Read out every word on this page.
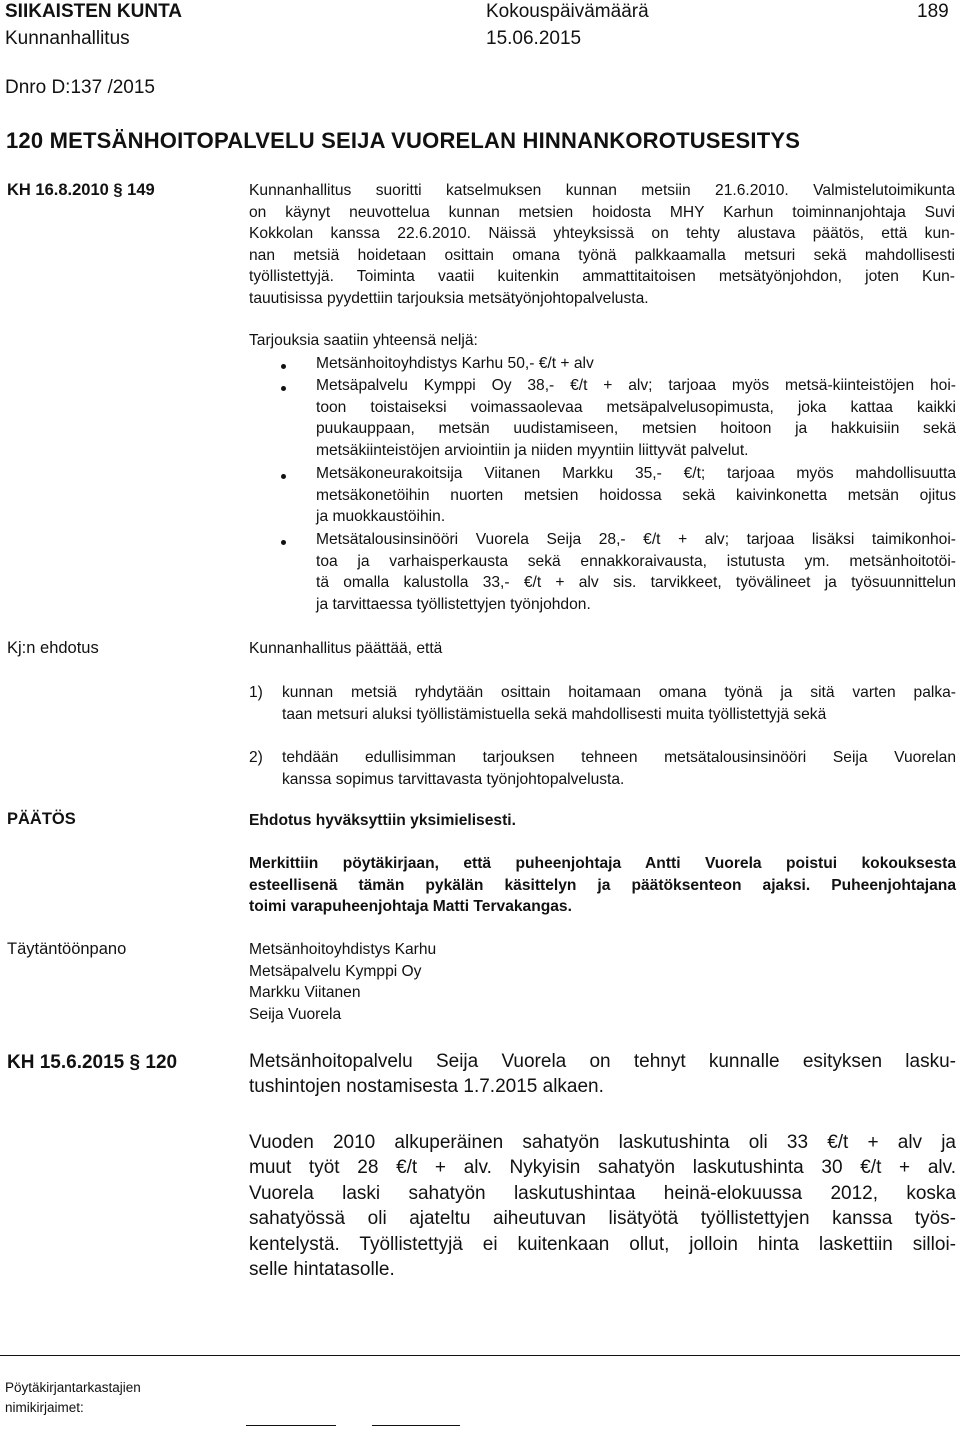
SIIKAISTEN KUNTA	Kokouspäivämäärä	189
Kunnanhallitus	15.06.2015
Dnro D:137 /2015
120 METSÄNHOITOPALVELU SEIJA VUORELAN HINNANKOROTUSESITYS
KH 16.8.2010 § 149	Kunnanhallitus suoritti katselmuksen kunnan metsiin 21.6.2010. Valmistelutoimikunta
on käynyt neuvottelua kunnan metsien hoidosta MHY Karhun toiminnanjohtaja Suvi
Kokkolan kanssa 22.6.2010. Näissä yhteyksissä on tehty alustava päätös, että kun-
nan metsiä hoidetaan osittain omana työnä palkkaamalla metsuri sekä mahdollisesti
työllistettyjä. Toiminta vaatii kuitenkin ammattitaitoisen metsätyönjohdon, joten Kun-
tauutisissa pyydettiin tarjouksia metsätyönjohtopalvelusta.
Tarjouksia saatiin yhteensä neljä:
Metsänhoitoyhdistys Karhu 50,- €/t + alv
Metsäpalvelu Kymppi Oy 38,- €/t + alv; tarjoaa myös metsä-kiinteistöjen hoi-
toon toistaiseksi voimassaolevaa metsäpalvelusopimusta, joka kattaa kaikki
puukauppaan, metsän uudistamiseen, metsien hoitoon ja hakkuisiin sekä
metsäkiinteistöjen arviointiin ja niiden myyntiin liittyvät palvelut.
Metsäkoneurakoitsija Viitanen Markku 35,- €/t; tarjoaa myös mahdollisuutta
metsäkonetöihin nuorten metsien hoidossa sekä kaivinkonetta metsän ojitus
ja muokkaustöihin.
Metsätalousinsinööri Vuorela Seija 28,- €/t + alv; tarjoaa lisäksi taimikonhoi-
toa ja varhaisperkausta sekä ennakkoraivausta, istutusta ym. metsänhoitotöi-
tä omalla kalustolla 33,- €/t + alv sis. tarvikkeet, työvälineet ja työsuunnittelun
ja tarvittaessa työllistettyjen työnjohdon.
Kj:n ehdotus	Kunnanhallitus päättää, että
1) kunnan metsiä ryhdytään osittain hoitamaan omana työnä ja sitä varten palka-
taan metsuri aluksi työllistämistuella sekä mahdollisesti muita työllistettyjä sekä
2) tehdään edullisimman tarjouksen tehneen metsätalousinsinööri Seija Vuorelan
kanssa sopimus tarvittavasta työnjohtopalvelusta.
PÄÄTÖS	Ehdotus hyväksyttiin yksimielisesti.
Merkittiin pöytäkirjaan, että puheenjohtaja Antti Vuorela poistui kokouksesta
esteellisenä tämän pykälän käsittelyn ja päätöksenteon ajaksi. Puheenjohtajana
toimi varapuheenjohtaja Matti Tervakangas.
Täytäntöönpano	Metsänhoitoyhdistys Karhu
Metsäpalvelu Kymppi Oy
Markku Viitanen
Seija Vuorela
KH 15.6.2015 § 120	Metsänhoitopalvelu Seija Vuorela on tehnyt kunnalle esityksen lasku-
tushintojen nostamisesta 1.7.2015 alkaen.
Vuoden 2010 alkuperäinen sahatyön laskutushinta oli 33 €/t + alv ja
muut työt 28 €/t + alv. Nykyisin sahatyön laskutushinta 30 €/t + alv.
Vuorela laski sahatyön laskutushintaa heinä-elokuussa 2012, koska
sahatyössä oli ajateltu aiheutuvan lisätyötä työllistettyjen kanssa työs-
kentelystä. Työllistettyjä ei kuitenkaan ollut, jolloin hinta laskettiin silloi-
selle hintatasolle.
Pöytäkirjantarkastajien
nimikirjaimet:
